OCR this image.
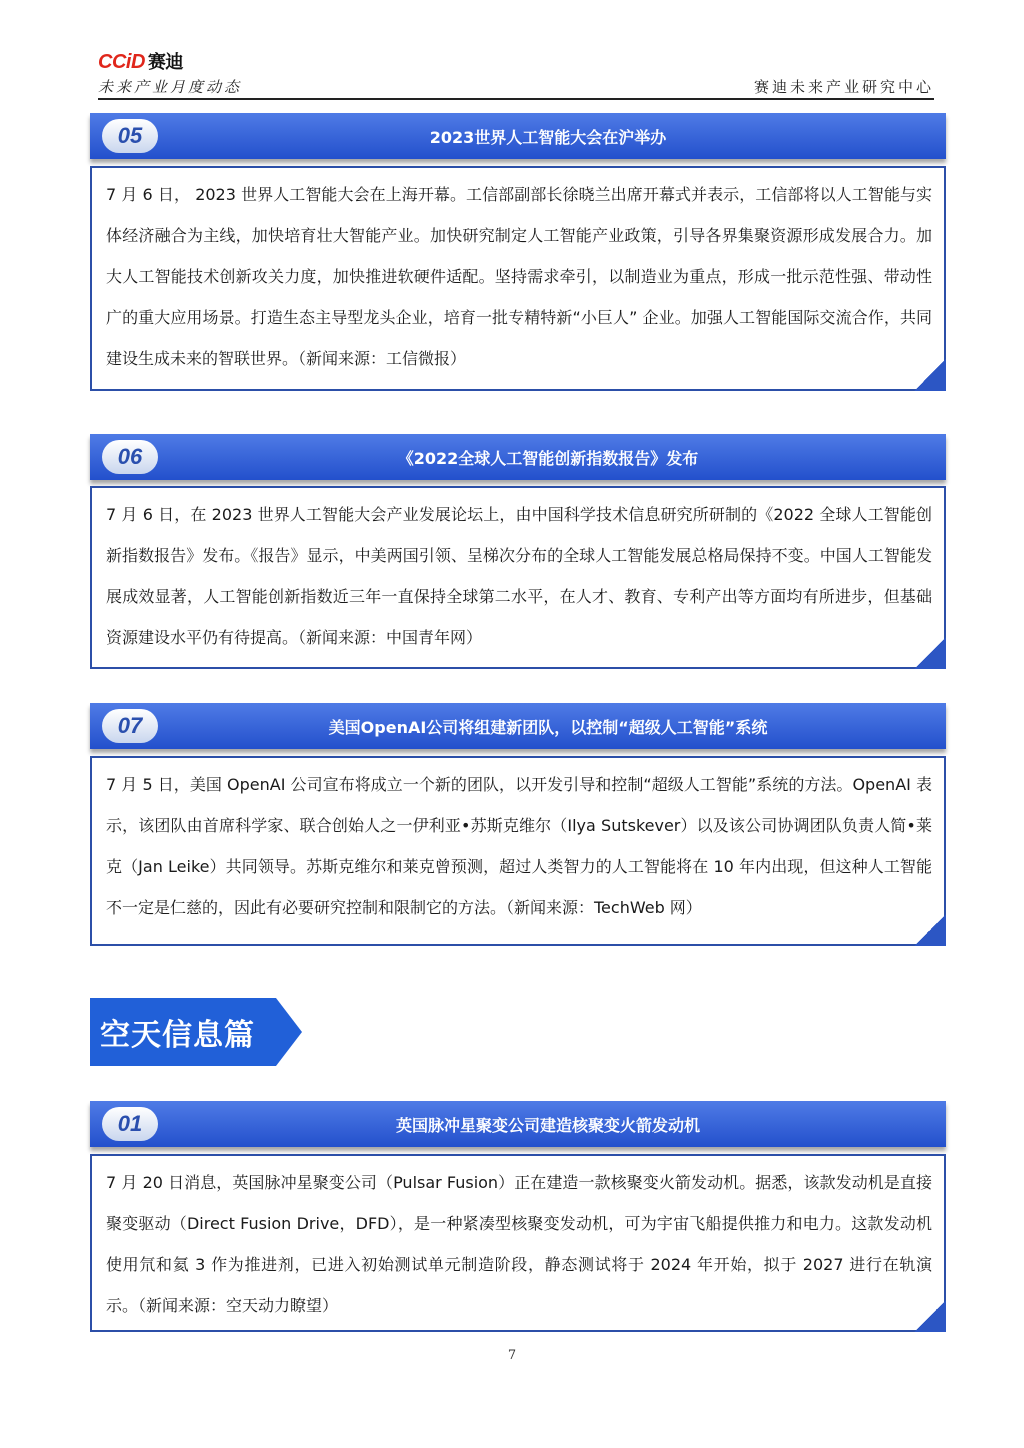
CCiD 赛迪
未来产业月度动态	赛迪未来产业研究中心
05	2023世界人工智能大会在沪举办

7 月 6 日， 2023 世界人工智能大会在上海开幕。工信部副部长徐晓兰出席开幕式并表示，工信部将以人工智能与实体经济融合为主线，加快培育壮大智能产业。加快研究制定人工智能产业政策，引导各界集聚资源形成发展合力。加大人工智能技术创新攻关力度，加快推进软硬件适配。坚持需求牵引，以制造业为重点，形成一批示范性强、带动性广的重大应用场景。打造生态主导型龙头企业，培育一批专精特新“小巨人” 企业。加强人工智能国际交流合作，共同建设生成未来的智联世界。（新闻来源：工信微报）

06	《2022全球人工智能创新指数报告》发布

7 月 6 日，在 2023 世界人工智能大会产业发展论坛上，由中国科学技术信息研究所研制的《2022 全球人工智能创新指数报告》发布。《报告》显示，中美两国引领、呈梯次分布的全球人工智能发展总格局保持不变。中国人工智能发展成效显著，人工智能创新指数近三年一直保持全球第二水平，在人才、教育、专利产出等方面均有所进步，但基础资源建设水平仍有待提高。（新闻来源：中国青年网）

07	美国OpenAI公司将组建新团队，以控制“超级人工智能”系统

7 月 5 日，美国 OpenAI 公司宣布将成立一个新的团队，以开发引导和控制“超级人工智能”系统的方法。OpenAI 表示，该团队由首席科学家、联合创始人之一伊利亚•苏斯克维尔（Ilya Sutskever）以及该公司协调团队负责人简•莱克（Jan Leike）共同领导。苏斯克维尔和莱克曾预测，超过人类智力的人工智能将在 10 年内出现，但这种人工智能不一定是仁慈的，因此有必要研究控制和限制它的方法。（新闻来源：TechWeb 网）

空天信息篇
01	英国脉冲星聚变公司建造核聚变火箭发动机

7 月 20 日消息，英国脉冲星聚变公司（Pulsar Fusion）正在建造一款核聚变火箭发动机。据悉，该款发动机是直接聚变驱动（Direct Fusion Drive，DFD），是一种紧凑型核聚变发动机，可为宇宙飞船提供推力和电力。这款发动机使用氘和氦 3 作为推进剂，已进入初始测试单元制造阶段，静态测试将于 2024 年开始，拟于 2027 进行在轨演示。（新闻来源：空天动力瞭望）

7
